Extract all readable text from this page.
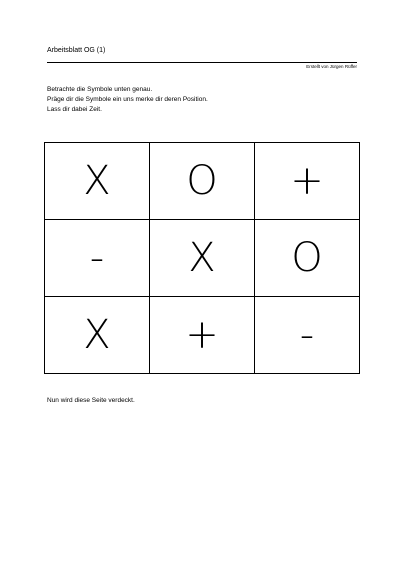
Arbeitsblatt OG (1)
Erstellt von Jürgen Rüffer

Betrachte die Symbole unten genau.

Präge dir die Symbole ein uns merke dir deren Position.

Lass dir dabei Zeit.

X	O	+
-	X	O
X	+	-

Nun wird diese Seite verdeckt.
